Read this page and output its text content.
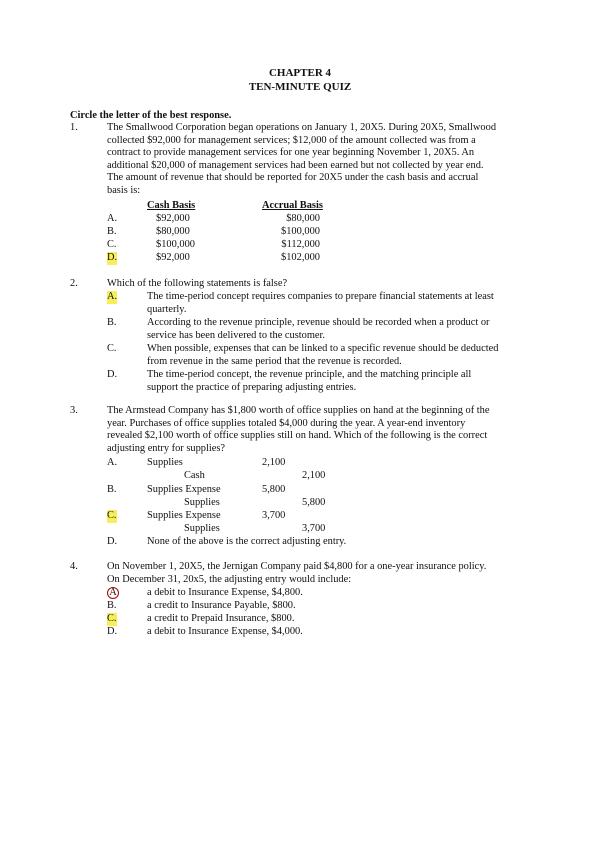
CHAPTER 4
TEN-MINUTE QUIZ
Circle the letter of the best response.
1.	The Smallwood Corporation began operations on January 1, 20X5. During 20X5, Smallwood
collected $92,000 for management services; $12,000 of the amount collected was from a
contract to provide management services for one year beginning November 1, 20X5. An
additional $20,000 of management services had been earned but not collected by year end.
The amount of revenue that should be reported for 20X5 under the cash basis and accrual
basis is:
Cash Basis	Accrual Basis
A.	$92,000	$80,000
B.	$80,000	$100,000
C.	$100,000	$112,000
D.	$92,000	$102,000
2.	Which of the following statements is false?
A.	The time-period concept requires companies to prepare financial statements at least
quarterly.
B.	According to the revenue principle, revenue should be recorded when a product or
service has been delivered to the customer.
C.	When possible, expenses that can be linked to a specific revenue should be deducted
from revenue in the same period that the revenue is recorded.
D.	The time-period concept, the revenue principle, and the matching principle all
support the practice of preparing adjusting entries.
3.	The Armstead Company has $1,800 worth of office supplies on hand at the beginning of the
year. Purchases of office supplies totaled $4,000 during the year. A year-end inventory
revealed $2,100 worth of office supplies still on hand. Which of the following is the correct
adjusting entry for supplies?
A.	Supplies	2,100
Cash	2,100
B.	Supplies Expense	5,800
Supplies	5,800
C.	Supplies Expense	3,700
Supplies	3,700
D.	None of the above is the correct adjusting entry.
4.	On November 1, 20X5, the Jernigan Company paid $4,800 for a one-year insurance policy.
On December 31, 20x5, the adjusting entry would include:
A	a debit to Insurance Expense, $4,800.
B.	a credit to Insurance Payable, $800.
C.	a credit to Prepaid Insurance, $800.
D.	a debit to Insurance Expense, $4,000.
